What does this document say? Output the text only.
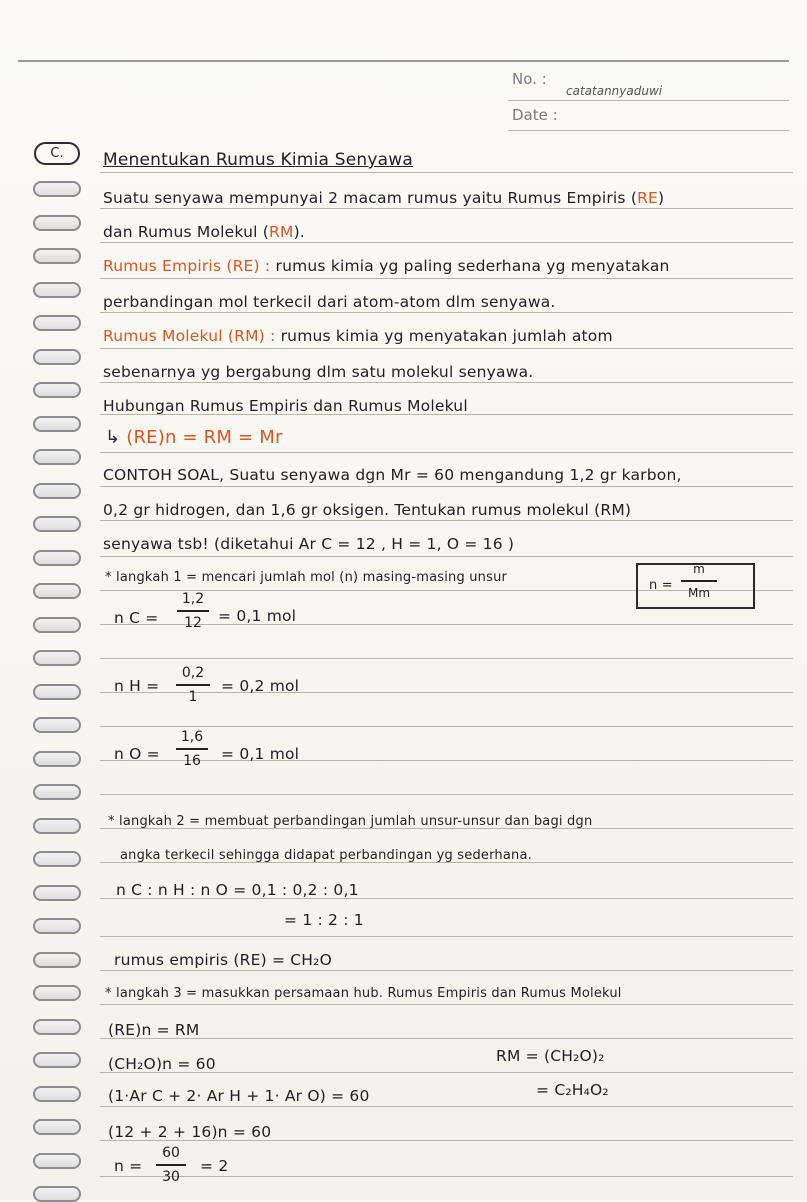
No. :
catatannyaduwi
Date :
C.	Menentukan Rumus Kimia Senyawa
Suatu senyawa mempunyai 2 macam rumus yaitu Rumus Empiris (RE)
dan Rumus Molekul (RM).
Rumus Empiris (RE) : rumus kimia yg paling sederhana yg menyatakan
perbandingan mol terkecil dari atom-atom dlm senyawa.
Rumus Molekul (RM) : rumus kimia yg menyatakan jumlah atom
sebenarnya yg bergabung dlm satu molekul senyawa.
Hubungan Rumus Empiris dan Rumus Molekul
↳ (RE)n = RM = Mr
CONTOH SOAL, Suatu senyawa dgn Mr = 60 mengandung 1,2 gr karbon,
0,2 gr hidrogen, dan 1,6 gr oksigen. Tentukan rumus molekul (RM)
senyawa tsb! (diketahui Ar C = 12 , H = 1, O = 16 )
* langkah 1 = mencari jumlah mol (n) masing-masing unsur
n =
m
Mm
n C =
1,2
12 = 0,1 mol
n H =
0,2
1
= 0,2 mol
n O =
1,6
16 = 0,1 mol
* langkah 2 = membuat perbandingan jumlah unsur-unsur dan bagi dgn
angka terkecil sehingga didapat perbandingan yg sederhana.
n C : n H : n O = 0,1 : 0,2 : 0,1
= 1 : 2 : 1
rumus empiris (RE) = CH₂O
* langkah 3 = masukkan persamaan hub. Rumus Empiris dan Rumus Molekul
(RE)n = RM
(CH₂O)n = 60
(1·Ar C + 2· Ar H + 1· Ar O) = 60
(12 + 2 + 16)n = 60
n =
60
30
= 2
RM = (CH₂O)₂
= C₂H₄O₂
